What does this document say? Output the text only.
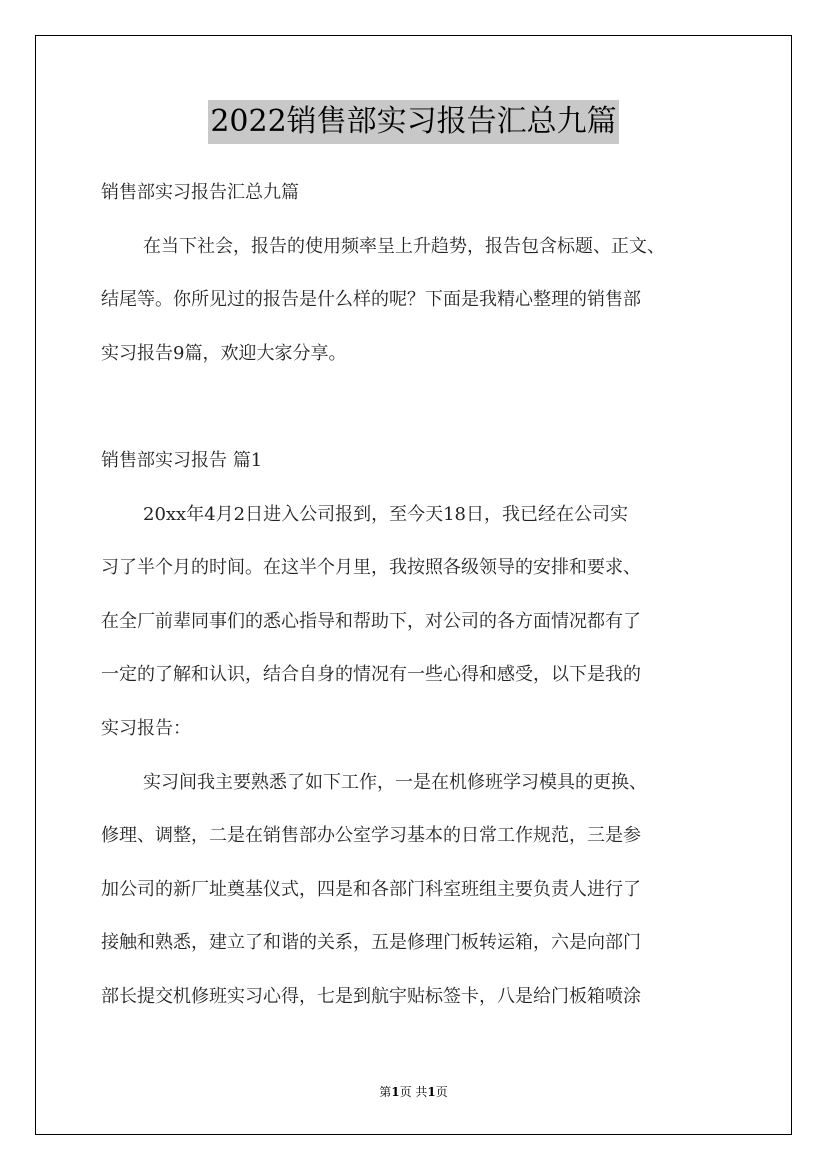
2022销售部实习报告汇总九篇
销售部实习报告汇总九篇
在当下社会，报告的使用频率呈上升趋势，报告包含标题、正文、
结尾等。你所见过的报告是什么样的呢？下面是我精心整理的销售部
实习报告9篇，欢迎大家分享。
销售部实习报告 篇1
20xx年4月2日进入公司报到，至今天18日，我已经在公司实
习了半个月的时间。在这半个月里，我按照各级领导的安排和要求、
在全厂前辈同事们的悉心指导和帮助下，对公司的各方面情况都有了
一定的了解和认识，结合自身的情况有一些心得和感受，以下是我的
实习报告：
实习间我主要熟悉了如下工作，一是在机修班学习模具的更换、
修理、调整，二是在销售部办公室学习基本的日常工作规范，三是参
加公司的新厂址奠基仪式，四是和各部门科室班组主要负责人进行了
接触和熟悉，建立了和谐的关系，五是修理门板转运箱，六是向部门
部长提交机修班实习心得，七是到航宇贴标签卡，八是给门板箱喷涂
第1页 共1页
